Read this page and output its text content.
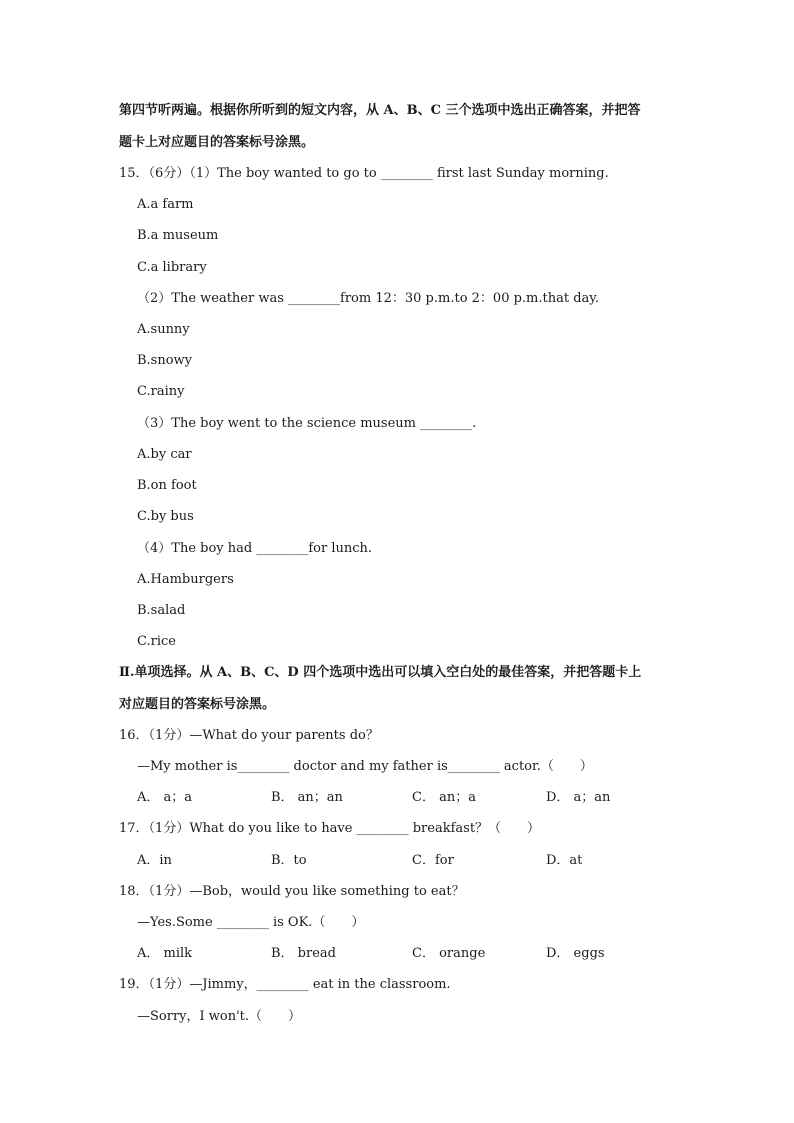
第四节听两遍。根据你所听到的短文内容，从 A、B、C 三个选项中选出正确答案，并把答
题卡上对应题目的答案标号涂黑。
15．（6分）（1）The boy wanted to go to ________ first last Sunday morning.
A.a farm
B.a museum
C.a library
（2）The weather was ________from 12：30 p.m.to 2：00 p.m.that day.
A.sunny
B.snowy
C.rainy
（3）The boy went to the science museum ________.
A.by car
B.on foot
C.by bus
（4）The boy had ________for lunch.
A.Hamburgers
B.salad
C.rice
Ⅱ.单项选择。从 A、B、C、D 四个选项中选出可以填入空白处的最佳答案，并把答题卡上
对应题目的答案标号涂黑。
16．（1分）—What do your parents do？
—My mother is________ doctor and my father is________ actor.（　　）
A． a；a	B． an；an	C． an；a	D． a；an
17．（1分）What do you like to have ________ breakfast？（　　）
A．in	B．to	C．for	D．at
18．（1分）—Bob，would you like something to eat？
—Yes.Some ________ is OK.（　　）
A． milk	B． bread	C． orange	D． eggs
19．（1分）—Jimmy，________ eat in the classroom.
—Sorry，I won't.（　　）
